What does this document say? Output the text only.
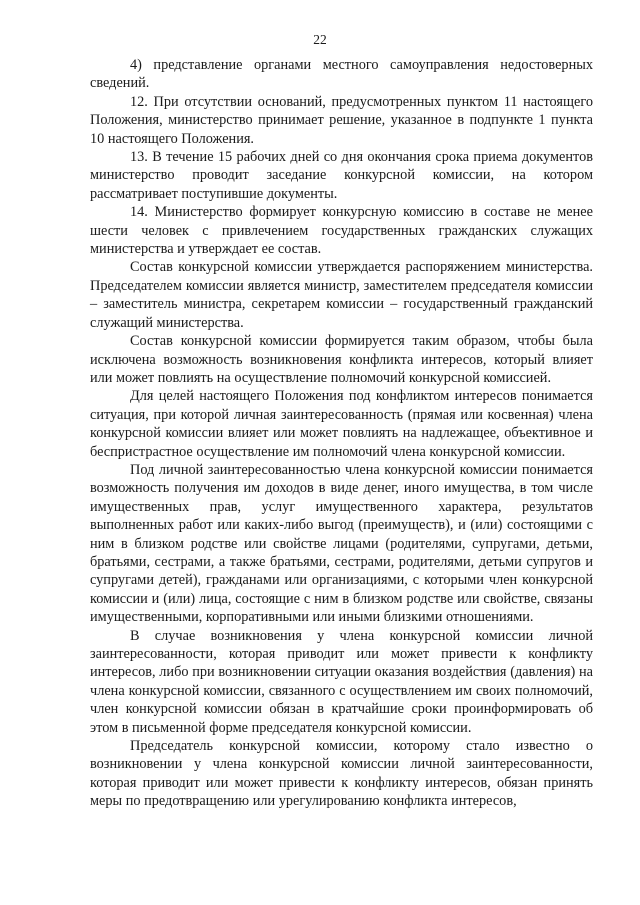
22

4) представление органами местного самоуправления недостоверных сведений.

12. При отсутствии оснований, предусмотренных пунктом 11 настоящего Положения, министерство принимает решение, указанное в подпункте 1 пункта 10 настоящего Положения.

13. В течение 15 рабочих дней со дня окончания срока приема документов министерство проводит заседание конкурсной комиссии, на котором рассматривает поступившие документы.

14. Министерство формирует конкурсную комиссию в составе не менее шести человек с привлечением государственных гражданских служащих министерства и утверждает ее состав.

Состав конкурсной комиссии утверждается распоряжением министерства. Председателем комиссии является министр, заместителем председателя комиссии – заместитель министра, секретарем комиссии – государственный гражданский служащий министерства.

Состав конкурсной комиссии формируется таким образом, чтобы была исключена возможность возникновения конфликта интересов, который влияет или может повлиять на осуществление полномочий конкурсной комиссией.

Для целей настоящего Положения под конфликтом интересов понимается ситуация, при которой личная заинтересованность (прямая или косвенная) члена конкурсной комиссии влияет или может повлиять на надлежащее, объективное и беспристрастное осуществление им полномочий члена конкурсной комиссии.

Под личной заинтересованностью члена конкурсной комиссии понимается возможность получения им доходов в виде денег, иного имущества, в том числе имущественных прав, услуг имущественного характера, результатов выполненных работ или каких-либо выгод (преимуществ), и (или) состоящими с ним в близком родстве или свойстве лицами (родителями, супругами, детьми, братьями, сестрами, а также братьями, сестрами, родителями, детьми супругов и супругами детей), гражданами или организациями, с которыми член конкурсной комиссии и (или) лица, состоящие с ним в близком родстве или свойстве, связаны имущественными, корпоративными или иными близкими отношениями.

В случае возникновения у члена конкурсной комиссии личной заинтересованности, которая приводит или может привести к конфликту интересов, либо при возникновении ситуации оказания воздействия (давления) на члена конкурсной комиссии, связанного с осуществлением им своих полномочий, член конкурсной комиссии обязан в кратчайшие сроки проинформировать об этом в письменной форме председателя конкурсной комиссии.

Председатель конкурсной комиссии, которому стало известно о возникновении у члена конкурсной комиссии личной заинтересованности, которая приводит или может привести к конфликту интересов, обязан принять меры по предотвращению или урегулированию конфликта интересов,
